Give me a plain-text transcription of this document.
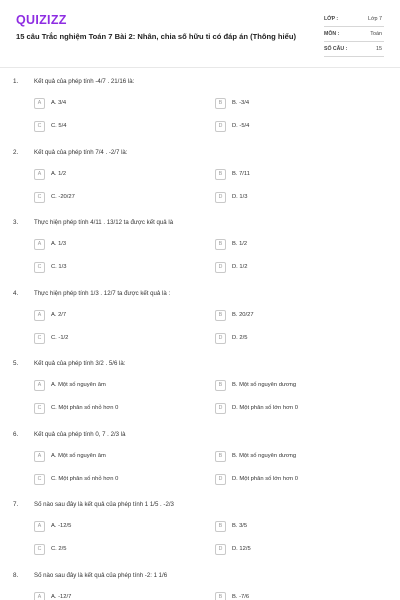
QUIZIZZ
15 câu Trắc nghiệm Toán 7 Bài 2: Nhân, chia số hữu tỉ có đáp án (Thông hiểu)
LỚP :	Lớp 7
MÔN :	Toán
SỐ CÂU :	15
1.	Kết quả của phép tính -4/7 . 21/16 là:
A	A. 3/4	B	B. -3/4
C	C. 5/4	D	D. -5/4
2.	Kết quả của phép tính 7/4 . -2/7 là:
A	A. 1/2	B	B. 7/11
C	C. -20/27	D	D. 1/3
3.	Thực hiện phép tính 4/11 . 13/12 ta được kết quả là
A	A. 1/3	B	B. 1/2
C	C. 1/3	D	D. 1/2
4.	Thực hiện phép tính 1/3 . 12/7 ta được kết quả là :
A	A. 2/7	B	B. 20/27
C	C. -1/2	D	D. 2/5
5.	Kết quả của phép tính 3/2 . 5/6 là:
A	A. Một số nguyên âm	B	B. Một số nguyên dương
C	C. Một phân số nhỏ hơn 0	D	D. Một phân số lớn hơn 0
6.	Kết quả của phép tính 0, 7 . 2/3 là
A	A. Một số nguyên âm	B	B. Một số nguyên dương
C	C. Một phân số nhỏ hơn 0	D	D. Một phân số lớn hơn 0
7.	Số nào sau đây là kết quả của phép tính 1 1/5 . -2/3
A	A. -12/5	B	B. 3/5
C	C. 2/5	D	D. 12/5
8.	Số nào sau đây là kết quả của phép tính -2: 1 1/6
A	A. -12/7	B	B. -7/6
